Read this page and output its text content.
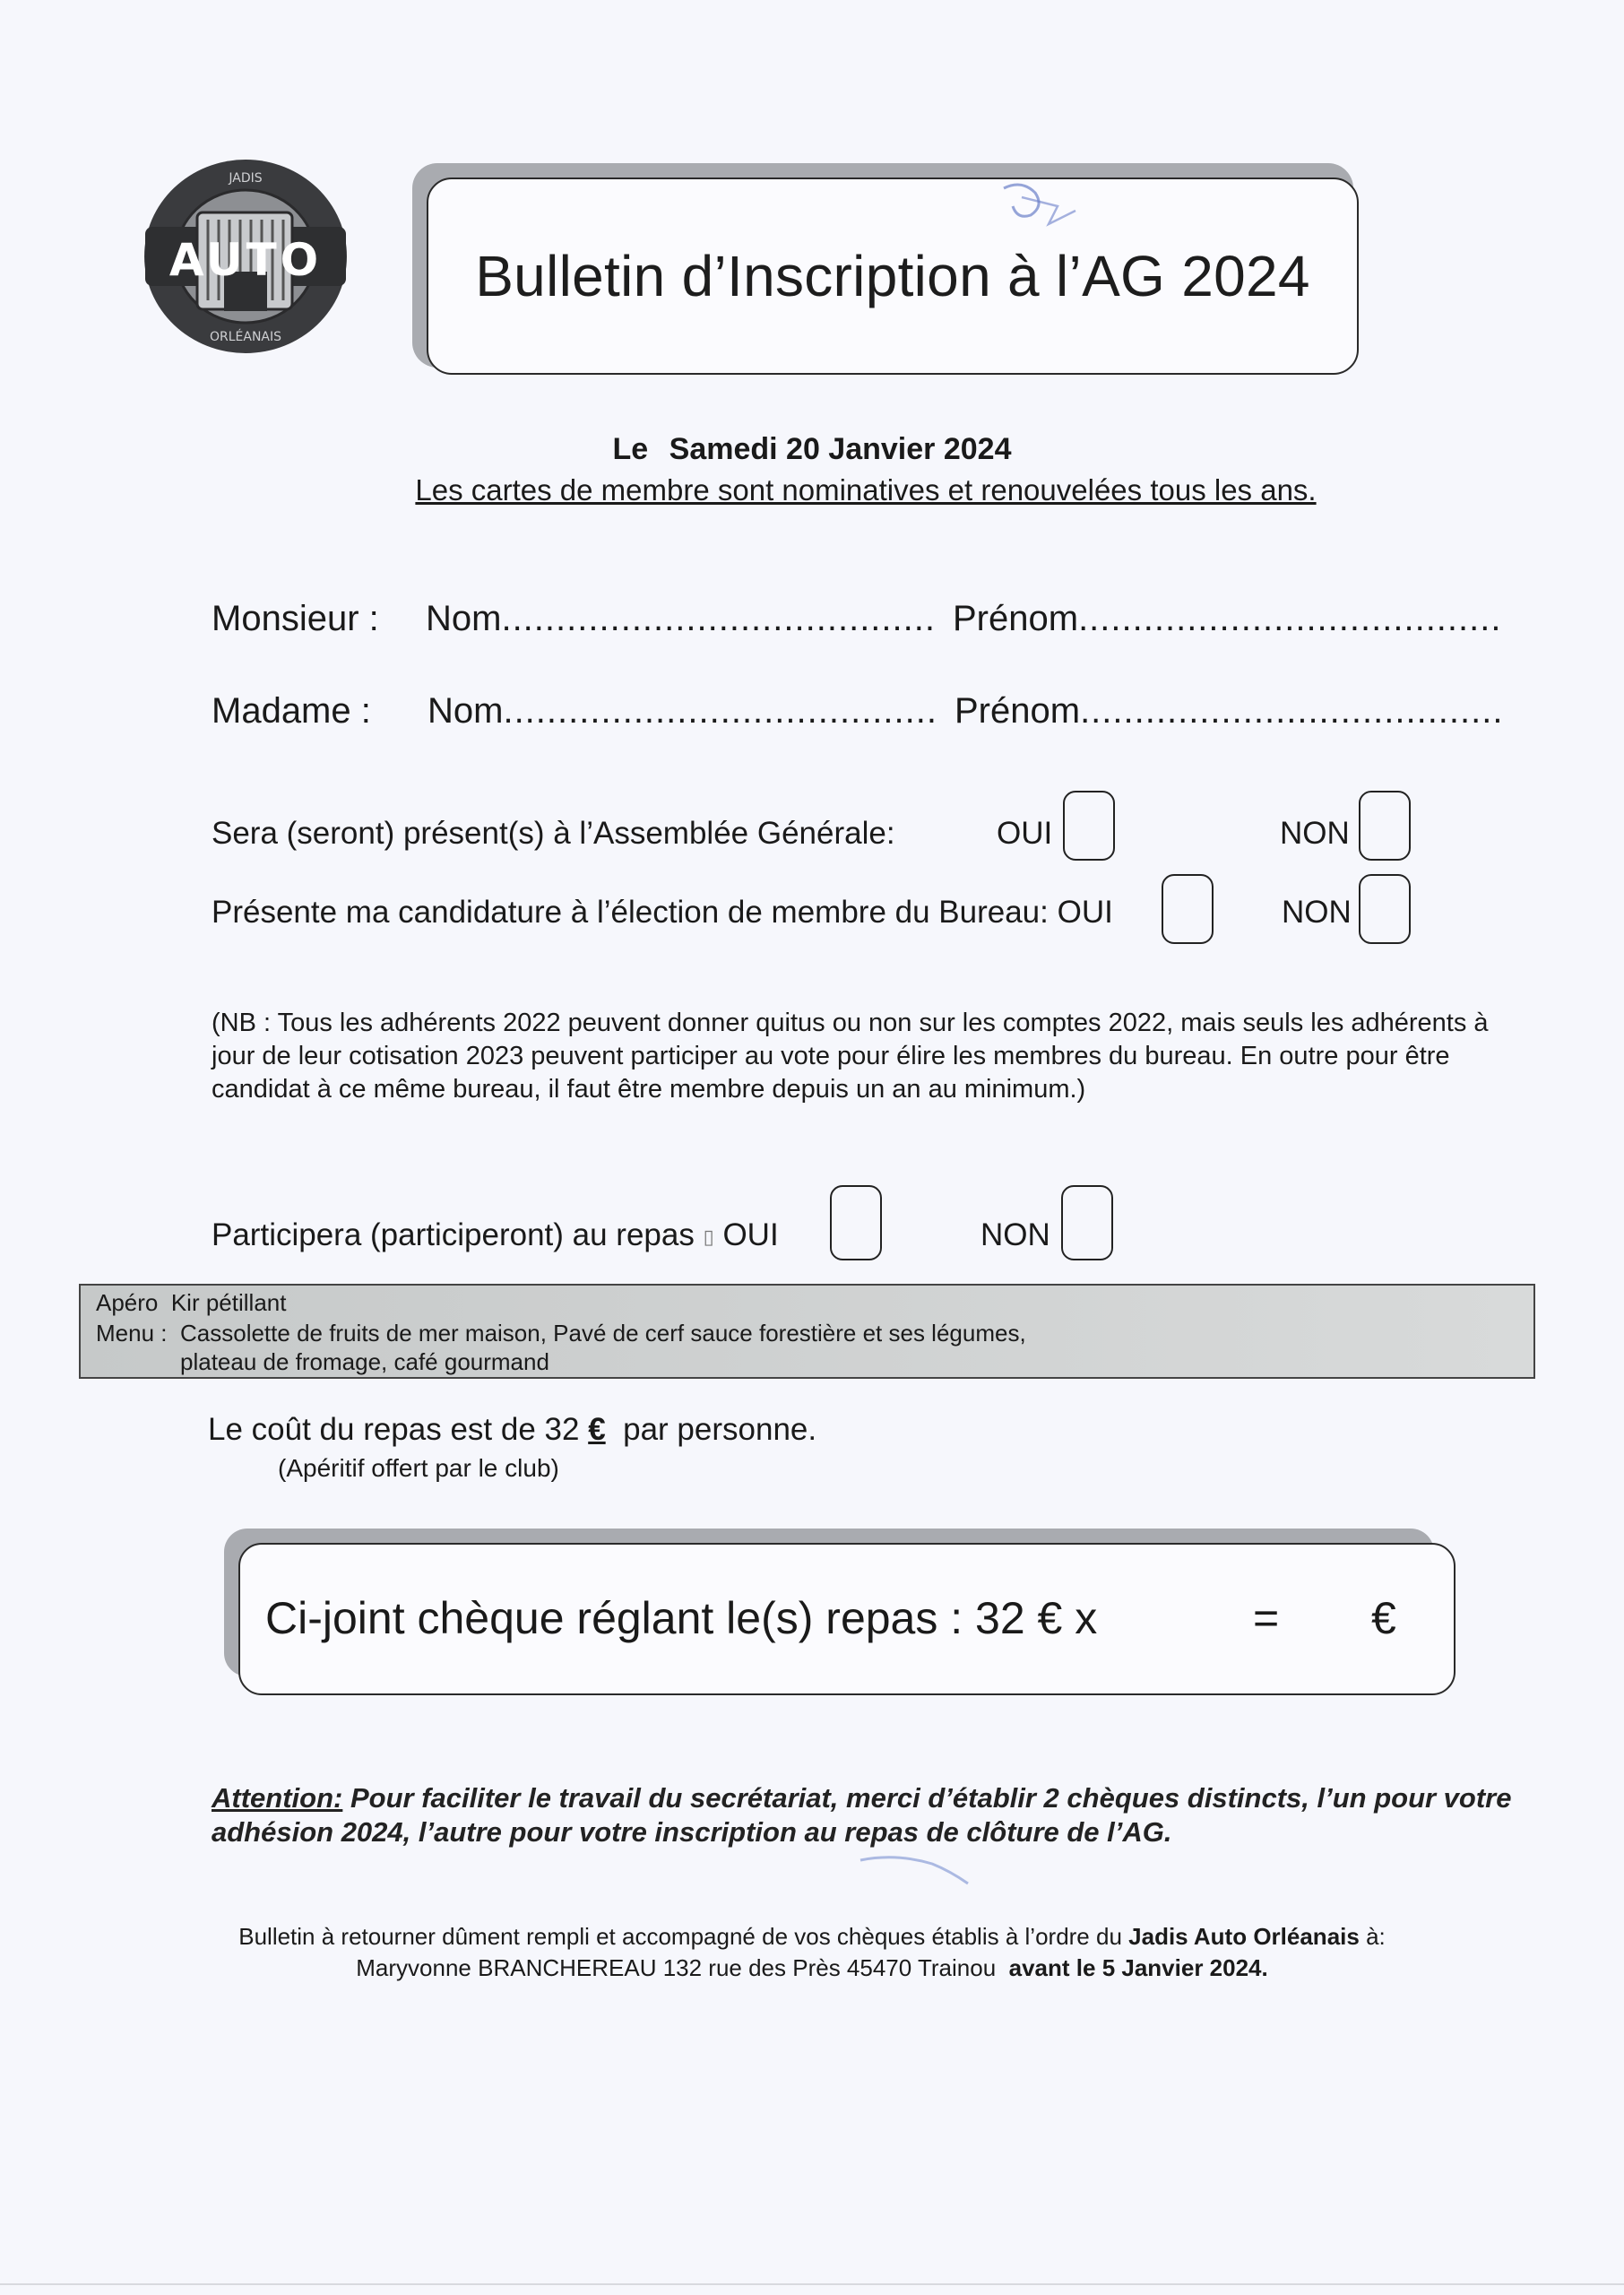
AUTO
JADIS
ORLÉANAIS
Bulletin d’Inscription à l’AG 2024
Le Samedi 20 Janvier 2024
Les cartes de membre sont nominatives et renouvelées tous les ans.
Monsieur : Nom........................................ Prénom.......................................
Madame : Nom........................................ Prénom.......................................
Sera (seront) présent(s) à l’Assemblée Générale:	OUI	NON
Présente ma candidature à l’élection de membre du Bureau: OUI	NON
(NB : Tous les adhérents 2022 peuvent donner quitus ou non sur les comptes 2022, mais seuls les adhérents à jour de leur cotisation 2023 peuvent participer au vote pour élire les membres du bureau. En outre pour être candidat à ce même bureau, il faut être membre depuis un an au minimum.)
Participera (participeront) au repas ▯ OUI	NON
Apéro Kir pétillant
Menu : Cassolette de fruits de mer maison, Pavé de cerf sauce forestière et ses légumes,
plateau de fromage, café gourmand
Le coût du repas est de 32 € par personne.
(Apéritif offert par le club)
Ci-joint chèque réglant le(s) repas : 32 € x	= €
Attention: Pour faciliter le travail du secrétariat, merci d’établir 2 chèques distincts, l’un pour votre adhésion 2024, l’autre pour votre inscription au repas de clôture de l’AG.
Bulletin à retourner dûment rempli et accompagné de vos chèques établis à l’ordre du Jadis Auto Orléanais à:
Maryvonne BRANCHEREAU 132 rue des Près 45470 Trainou avant le 5 Janvier 2024.
